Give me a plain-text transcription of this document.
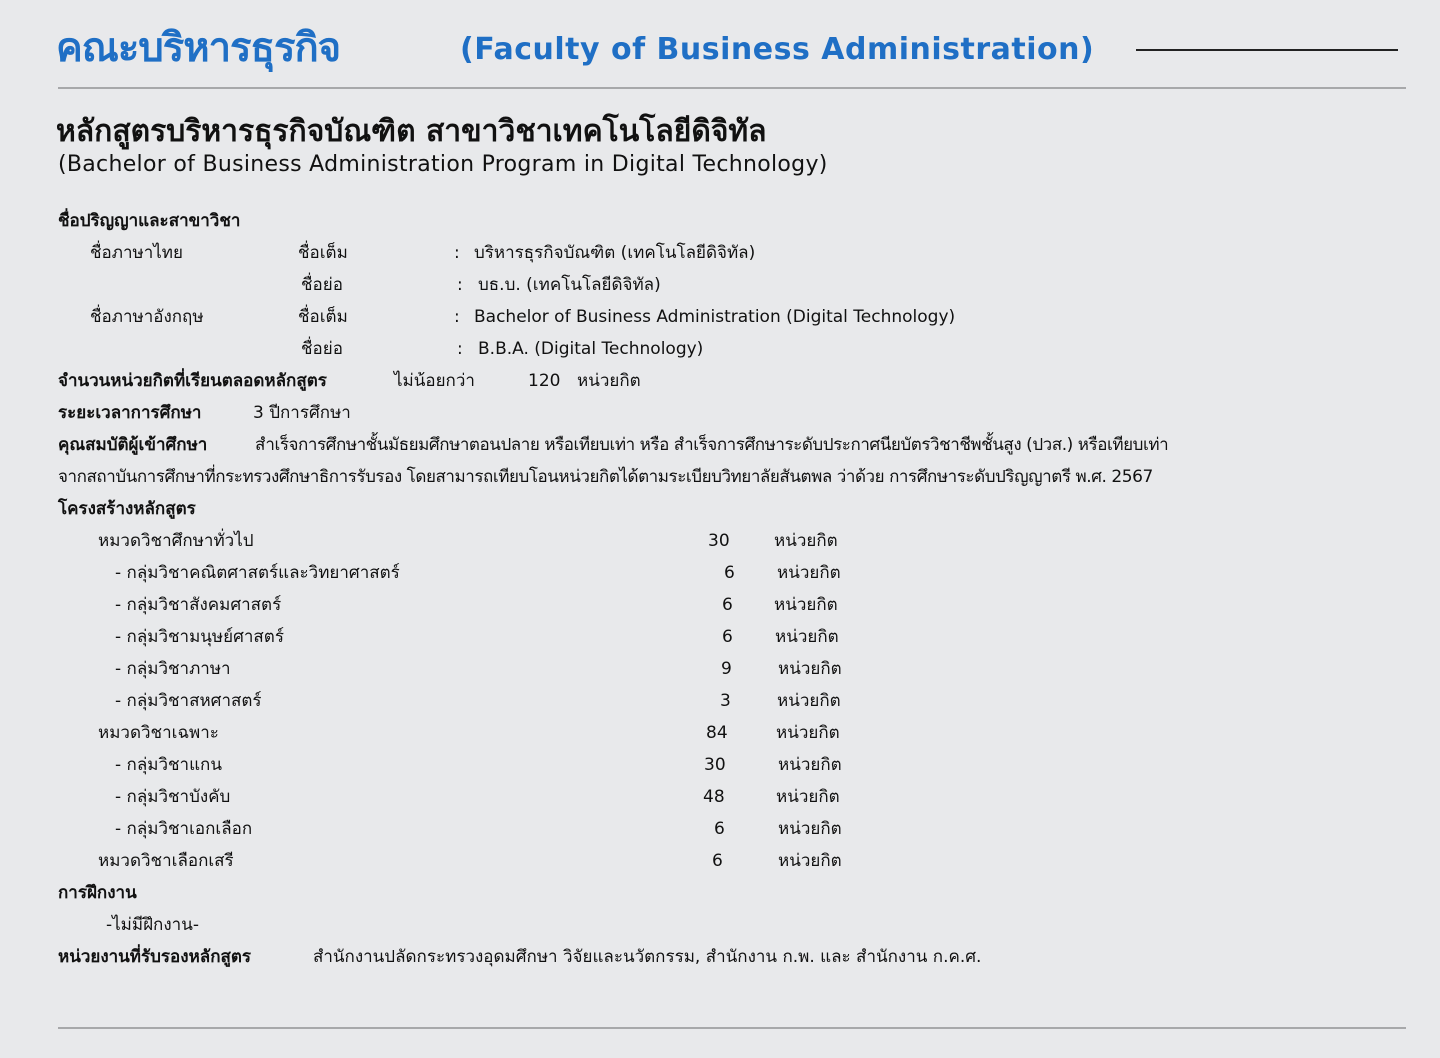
คณะบริหารธุรกิจ	(Faculty of Business Administration)
หลักสูตรบริหารธุรกิจบัณฑิต สาขาวิชาเทคโนโลยีดิจิทัล
(Bachelor of Business Administration Program in Digital Technology)
ชื่อปริญญาและสาขาวิชา
ชื่อภาษาไทย	ชื่อเต็ม	: บริหารธุรกิจบัณฑิต (เทคโนโลยีดิจิทัล)
ชื่อย่อ	: บธ.บ. (เทคโนโลยีดิจิทัล)
ชื่อภาษาอังกฤษ	ชื่อเต็ม	: Bachelor of Business Administration (Digital Technology)
ชื่อย่อ	: B.B.A. (Digital Technology)
จำนวนหน่วยกิตที่เรียนตลอดหลักสูตร	ไม่น้อยกว่า	120 หน่วยกิต
ระยะเวลาการศึกษา	3 ปีการศึกษา
คุณสมบัติผู้เข้าศึกษา	สำเร็จการศึกษาชั้นมัธยมศึกษาตอนปลาย หรือเทียบเท่า หรือ สำเร็จการศึกษาระดับประกาศนียบัตรวิชาชีพชั้นสูง (ปวส.) หรือเทียบเท่า
จากสถาบันการศึกษาที่กระทรวงศึกษาธิการรับรอง โดยสามารถเทียบโอนหน่วยกิตได้ตามระเบียบวิทยาลัยสันตพล ว่าด้วย การศึกษาระดับปริญญาตรี พ.ศ. 2567
โครงสร้างหลักสูตร
หมวดวิชาศึกษาทั่วไป	30	หน่วยกิต
- กลุ่มวิชาคณิตศาสตร์และวิทยาศาสตร์	6 หน่วยกิต
- กลุ่มวิชาสังคมศาสตร์	6 หน่วยกิต
- กลุ่มวิชามนุษย์ศาสตร์	6 หน่วยกิต
- กลุ่มวิชาภาษา	9	หน่วยกิต
- กลุ่มวิชาสหศาสตร์	3	หน่วยกิต
หมวดวิชาเฉพาะ	84	หน่วยกิต
- กลุ่มวิชาแกน	30	หน่วยกิต
- กลุ่มวิชาบังคับ	48	หน่วยกิต
- กลุ่มวิชาเอกเลือก	6	หน่วยกิต
หมวดวิชาเลือกเสรี	6	หน่วยกิต
การฝึกงาน
-ไม่มีฝึกงาน-
หน่วยงานที่รับรองหลักสูตร	สำนักงานปลัดกระทรวงอุดมศึกษา วิจัยและนวัตกรรม, สำนักงาน ก.พ. และ สำนักงาน ก.ค.ศ.
